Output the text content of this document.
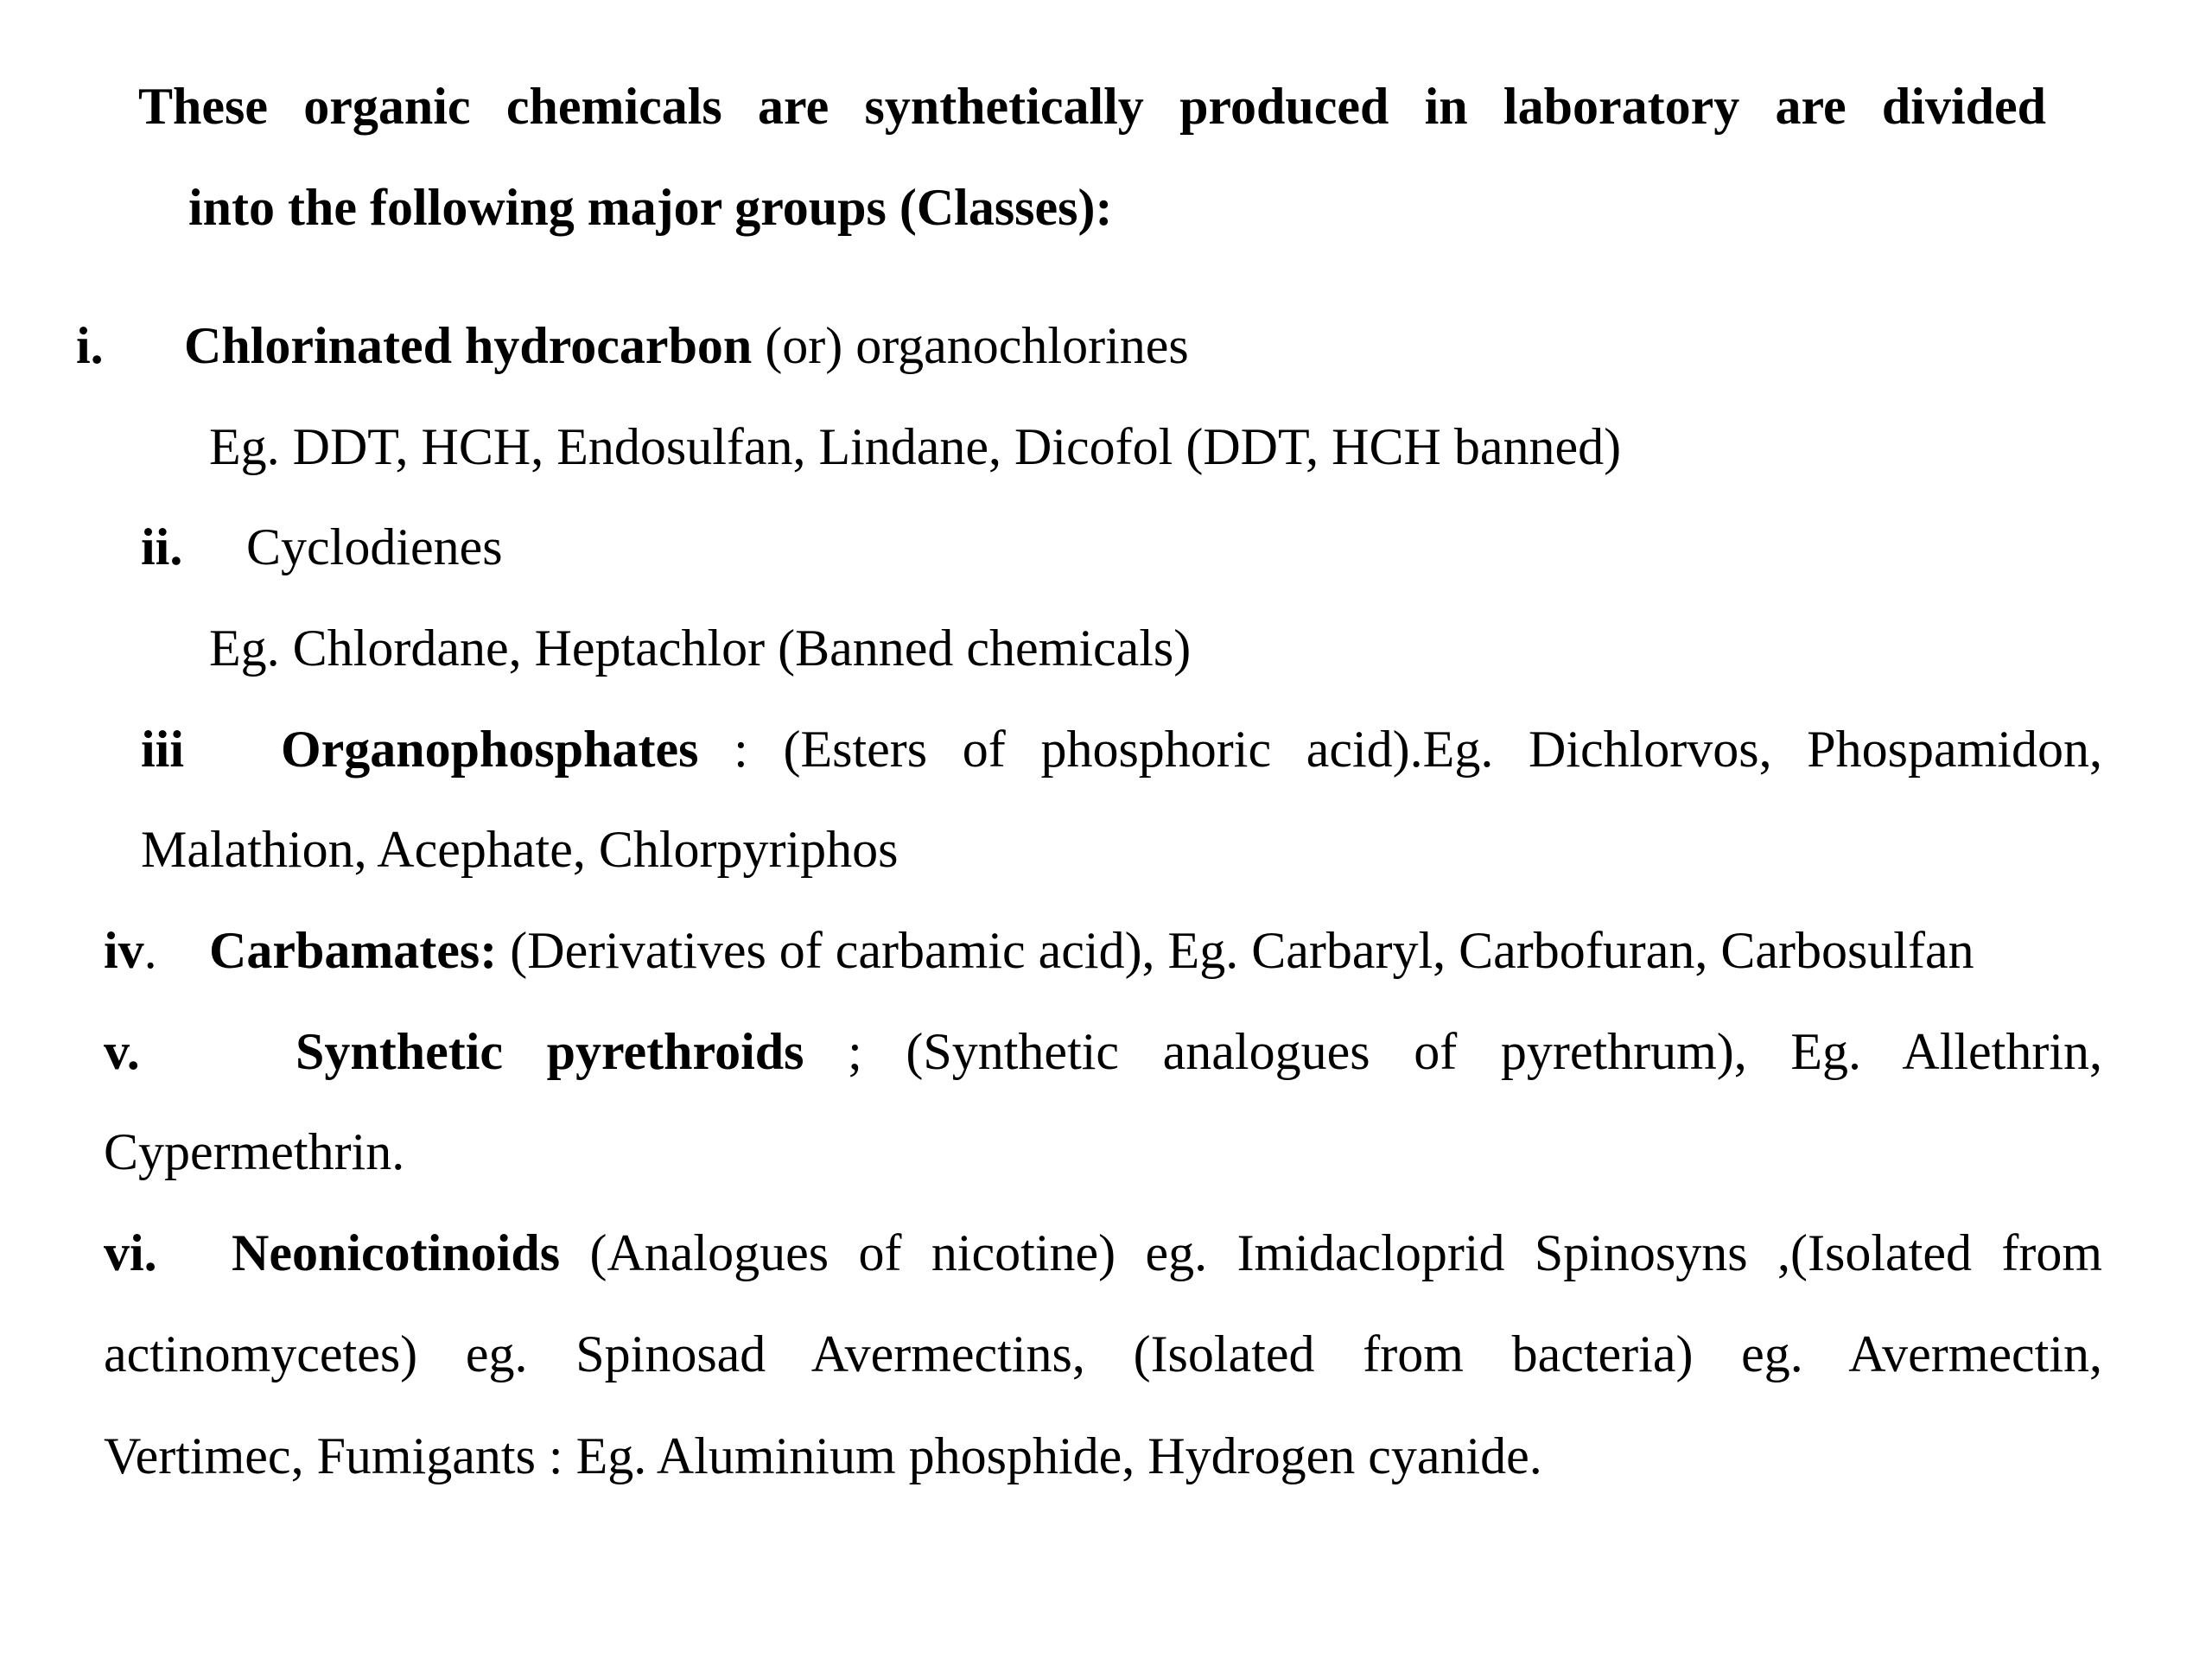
These organic chemicals are synthetically produced in laboratory are divided
into the following major groups (Classes):
i. Chlorinated hydrocarbon (or) organochlorines
Eg. DDT, HCH, Endosulfan, Lindane, Dicofol (DDT, HCH banned)
ii. Cyclodienes
Eg. Chlordane, Heptachlor (Banned chemicals)
iii Organophosphates : (Esters of phosphoric acid).Eg. Dichlorvos, Phospamidon,
Malathion, Acephate, Chlorpyriphos
iv. Carbamates: (Derivatives of carbamic acid), Eg. Carbaryl, Carbofuran, Carbosulfan
v.	Synthetic pyrethroids ; (Synthetic analogues of pyrethrum), Eg. Allethrin,
Cypermethrin.
vi. Neonicotinoids (Analogues of nicotine) eg. Imidacloprid Spinosyns ,(Isolated from
actinomycetes) eg. Spinosad Avermectins, (Isolated from bacteria) eg. Avermectin,
Vertimec, Fumigants : Eg. Aluminium phosphide, Hydrogen cyanide.
